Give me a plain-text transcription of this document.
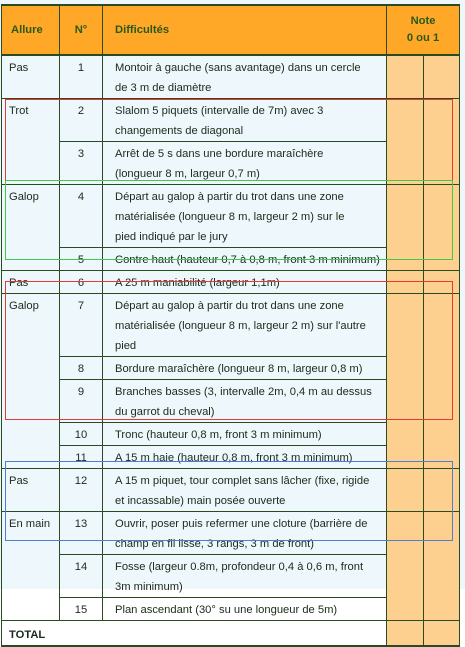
Allure	N°	Difficultés	Note
0 ou 1	
Pas	1	Montoir à gauche (sans avantage) dans un cercle
de 3 m de diamètre		

Trot	2	Slalom 5 piquets (intervalle de 7m) avec 3
changements de diagonal		

	3	Arrêt de 5 s dans une bordure maraîchère
(longueur 8 m, largeur 0,7 m)		

Galop	4	Départ au galop à partir du trot dans une zone
matérialisée (longueur 8 m, largeur 2 m) sur le
pied indiqué par le jury		

	5	Contre haut (hauteur 0,7 à 0,8 m, front 3 m minimum)		

Pas	6	A 25 m maniabilité (largeur 1,1m)		

Galop	7	Départ au galop à partir du trot dans une zone
matérialisée (longueur 8 m, largeur 2 m) sur l'autre pied		

	8	Bordure maraîchère (longueur 8 m, largeur 0,8 m)		

	9	Branches basses (3, intervalle 2m, 0,4 m au dessus
du garrot du cheval)		

	10	Tronc (hauteur 0,8 m, front 3 m minimum)		

	11	A 15 m haie (hauteur 0,8 m, front 3 m minimum)		

Pas	12	A 15 m piquet, tour complet sans lâcher (fixe, rigide
et incassable) main posée ouverte		

En main	13	Ouvrir, poser puis refermer une cloture (barrière de
champ en fil lisse, 3 rangs, 3 m de front)		

	14	Fosse (largeur 0.8m, profondeur 0,4 à 0,6 m, front
3m minimum)		

	15	Plan ascendant (30° su une longueur de 5m)		

TOTAL				
